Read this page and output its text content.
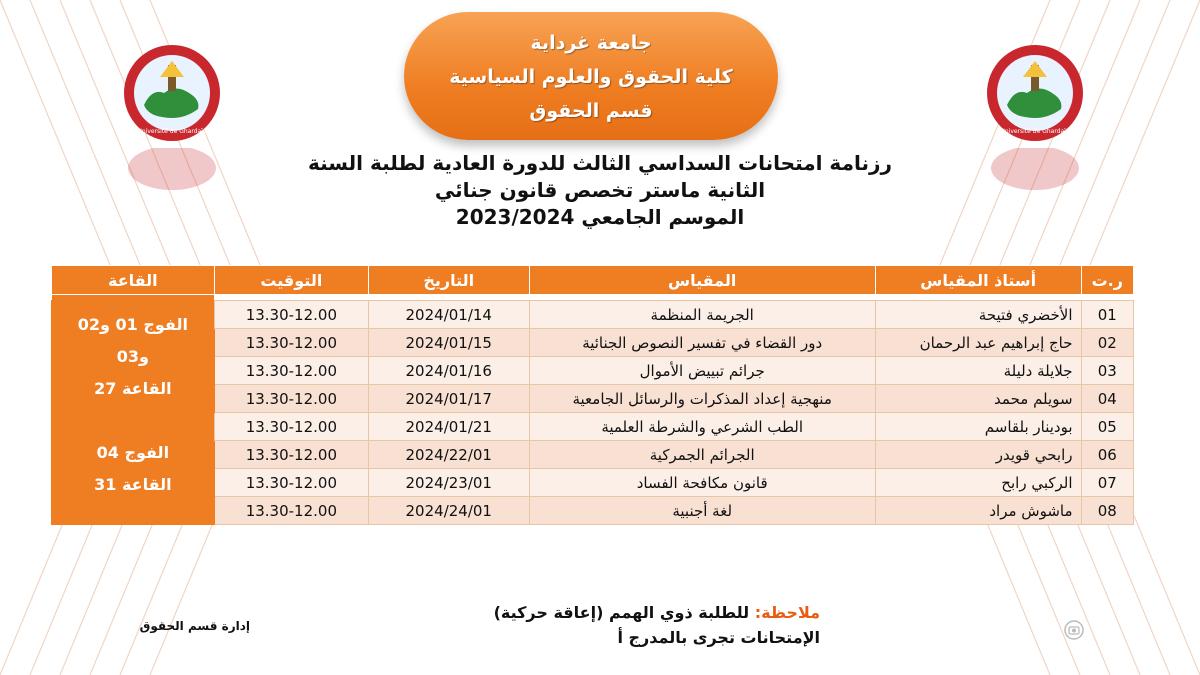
Université de Ghardaïa	Université de Ghardaïa
جامعة غرداية
كلية الحقوق والعلوم السياسية
قسم الحقوق
رزنامة امتحانات السداسي الثالث للدورة العادية لطلبة السنة
الثانية ماستر تخصص قانون جنائي
الموسم الجامعي 2023/2024
ر.ت	أستاذ المقياس	المقياس	التاريخ	التوقيت	القاعة

01	الأخضري فتيحة	الجريمة المنظمة	2024/01/14	13.30-12.00	الفوج 01 و02
و03
القاعة 27

02	حاج إبراهيم عبد الرحمان	دور القضاء في تفسير النصوص الجنائية	2024/01/15	13.30-12.00	
03	جلايلة دليلة	جرائم تبييض الأموال	2024/01/16	13.30-12.00	
04	سويلم محمد	منهجية إعداد المذكرات والرسائل الجامعية	2024/01/17	13.30-12.00	
05	بودينار بلقاسم	الطب الشرعي والشرطة العلمية	2024/01/21	13.30-12.00	الفوج 04
القاعة 31

06	رابحي قويدر	الجرائم الجمركية	2024/22/01	13.30-12.00	
07	الركبي رابح	قانون مكافحة الفساد	2024/23/01	13.30-12.00	
08	ماشوش مراد	لغة أجنبية	2024/24/01	13.30-12.00	
ملاحظة: للطلبة ذوي الهمم (إعاقة حركية)
الإمتحانات تجرى بالمدرج أ
إدارة قسم الحقوق
